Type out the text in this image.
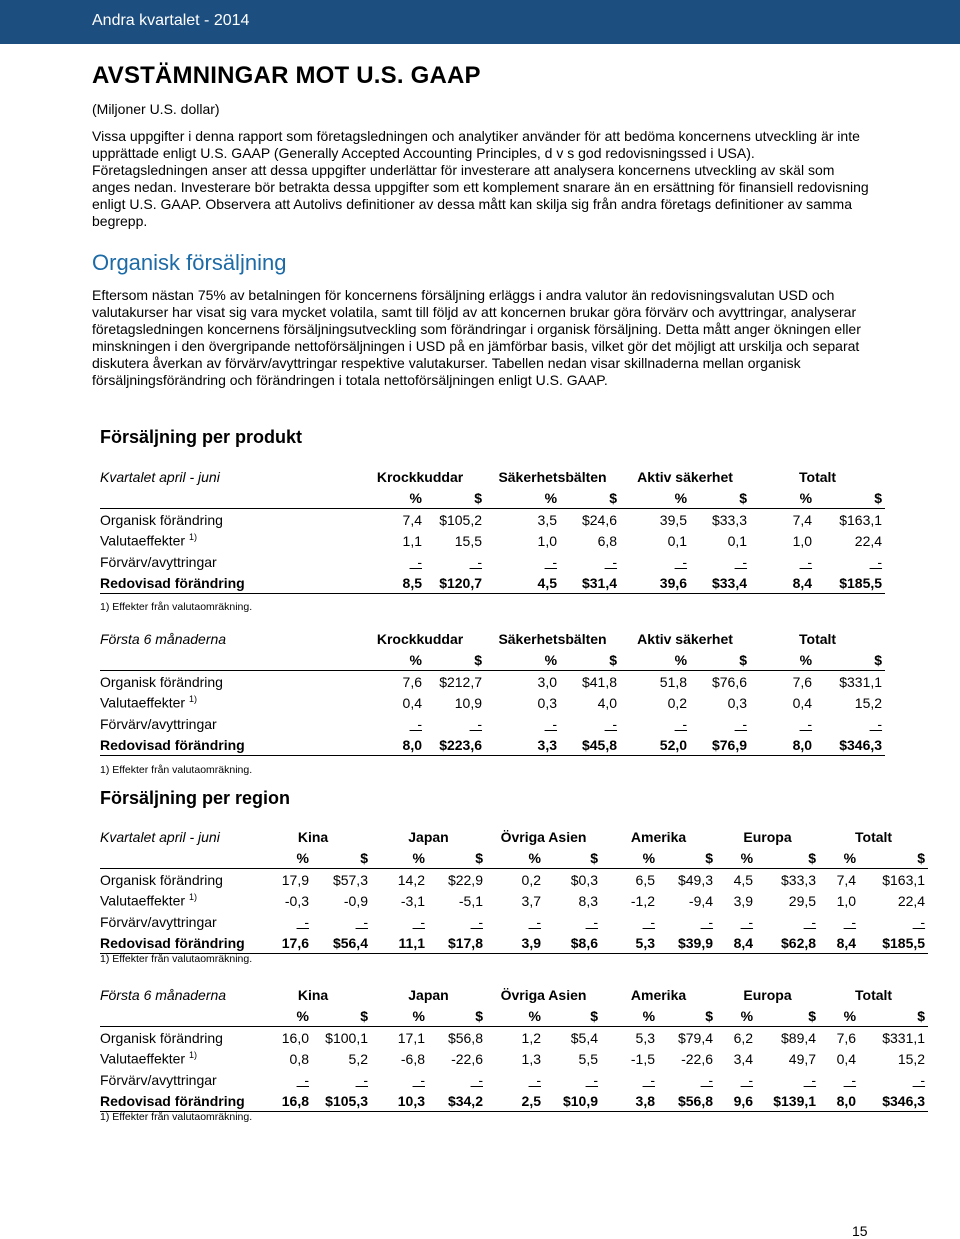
Andra kvartalet - 2014
AVSTÄMNINGAR MOT U.S. GAAP
(Miljoner U.S. dollar)
Vissa uppgifter i denna rapport som företagsledningen och analytiker använder för att bedöma koncernens utveckling är inte upprättade enligt U.S. GAAP (Generally Accepted Accounting Principles, d v s god redovisningssed i USA). Företagsledningen anser att dessa uppgifter underlättar för investerare att analysera koncernens utveckling av skäl som anges nedan. Investerare bör betrakta dessa uppgifter som ett komplement snarare än en ersättning för finansiell redovisning enligt U.S. GAAP. Observera att Autolivs definitioner av dessa mått kan skilja sig från andra företags definitioner av samma begrepp.
Organisk försäljning
Eftersom nästan 75% av betalningen för koncernens försäljning erläggs i andra valutor än redovisningsvalutan USD och valutakurser har visat sig vara mycket volatila, samt till följd av att koncernen brukar göra förvärv och avyttringar, analyserar företagsledningen koncernens försäljningsutveckling som förändringar i organisk försäljning. Detta mått anger ökningen eller minskningen i den övergripande nettoförsäljningen i USD på en jämförbar basis, vilket gör det möjligt att urskilja och separat diskutera åverkan av förvärv/avyttringar respektive valutakurser. Tabellen nedan visar skillnaderna mellan organisk försäljningsförändring och förändringen i totala nettoförsäljningen enligt U.S. GAAP.
Försäljning per produkt
Kvartalet april - juni	Krockkuddar		Säkerhetsbälten		Aktiv säkerhet		Totalt	
	%	$	%	$	%	$	%	$
Organisk förändring	7,4	$105,2	3,5	$24,6	39,5	$33,3	7,4	$163,1
Valutaeffekter $^{1)}$	1,1	15,5	1,0	6,8	0,1	0,1	1,0	22,4
Förvärv/avyttringar	-	-	-	-	-	-	-	-
Redovisad förändring	8,5	$120,7	4,5	$31,4	39,6	$33,4	8,4	$185,5
1) Effekter från valutaomräkning.
Första 6 månaderna	Krockkuddar		Säkerhetsbälten		Aktiv säkerhet		Totalt	
	%	$	%	$	%	$	%	$
Organisk förändring	7,6	$212,7	3,0	$41,8	51,8	$76,6	7,6	$331,1
Valutaeffekter $^{1)}$	0,4	10,9	0,3	4,0	0,2	0,3	0,4	15,2
Förvärv/avyttringar	-	-	-	-	-	-	-	-
Redovisad förändring	8,0	$223,6	3,3	$45,8	52,0	$76,9	8,0	$346,3
1) Effekter från valutaomräkning.
Försäljning per region
Kvartalet april - juni	Kina		Japan		Övriga Asien		Amerika		Europa		Totalt	
	%	$	%	$	%	$	%	$	%	$	%	$
Organisk förändring	17,9	$57,3	14,2	$22,9	0,2	$0,3	6,5	$49,3	4,5	$33,3	7,4	$163,1
Valutaeffekter $^{1)}$	-0,3	-0,9	-3,1	-5,1	3,7	8,3	-1,2	-9,4	3,9	29,5	1,0	22,4
Förvärv/avyttringar	-	-	-	-	-	-	-	-	-	-	-	-
Redovisad förändring	17,6	$56,4	11,1	$17,8	3,9	$8,6	5,3	$39,9	8,4	$62,8	8,4	$185,5
1) Effekter från valutaomräkning.
Första 6 månaderna	Kina		Japan		Övriga Asien		Amerika		Europa		Totalt	
	%	$	%	$	%	$	%	$	%	$	%	$
Organisk förändring	16,0	$100,1	17,1	$56,8	1,2	$5,4	5,3	$79,4	6,2	$89,4	7,6	$331,1
Valutaeffekter $^{1)}$	0,8	5,2	-6,8	-22,6	1,3	5,5	-1,5	-22,6	3,4	49,7	0,4	15,2
Förvärv/avyttringar	-	-	-	-	-	-	-	-	-	-	-	-
Redovisad förändring	16,8	$105,3	10,3	$34,2	2,5	$10,9	3,8	$56,8	9,6	$139,1	8,0	$346,3
1) Effekter från valutaomräkning.
15
